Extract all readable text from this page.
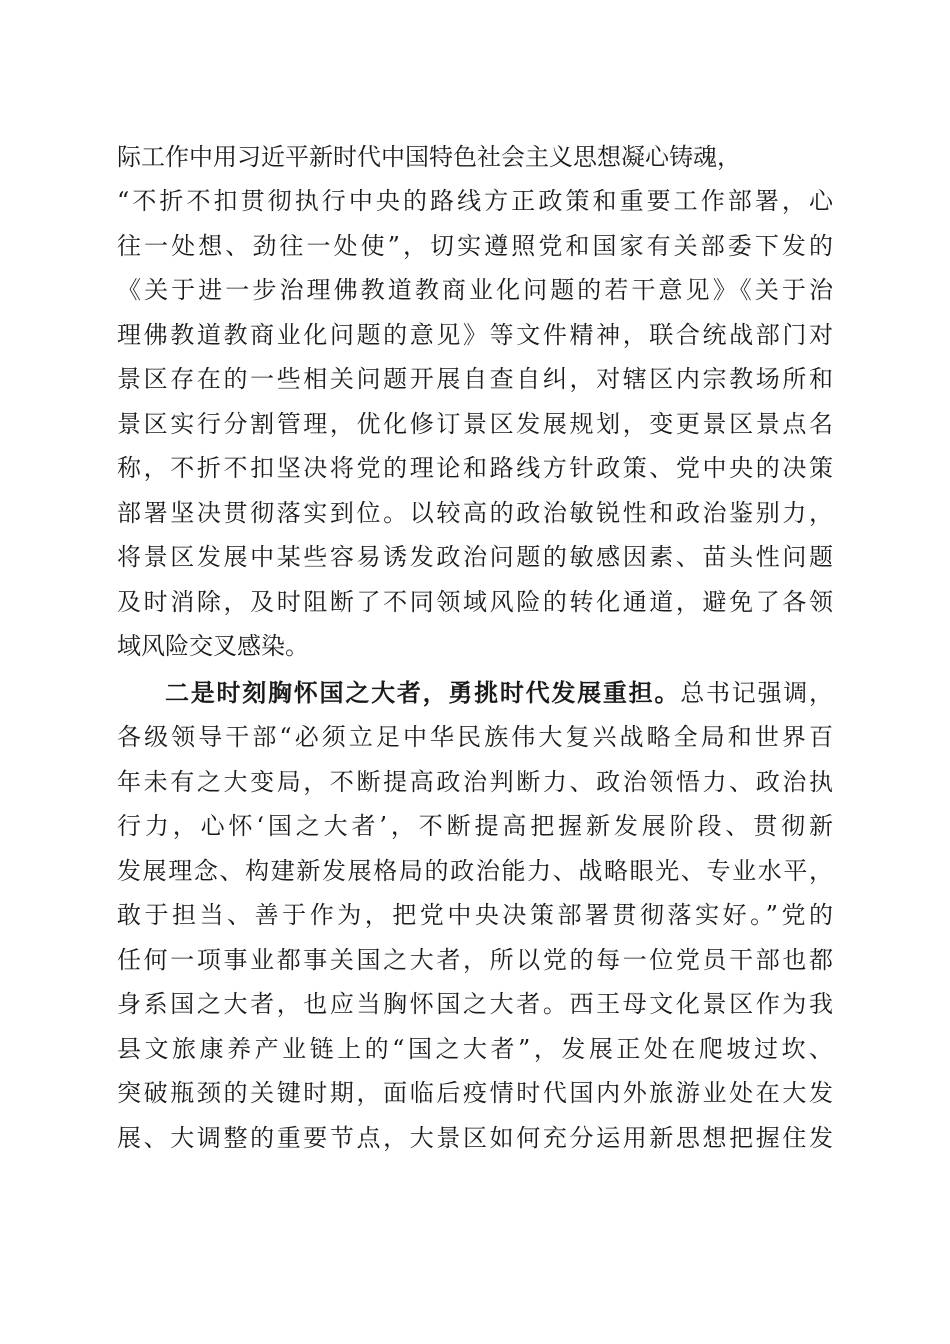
际工作中用习近平新时代中国特色社会主义思想凝心铸魂，
“不折不扣贯彻执行中央的路线方正政策和重要工作部署，心
往一处想、劲往一处使”，切实遵照党和国家有关部委下发的
《关于进一步治理佛教道教商业化问题的若干意见》《关于治
理佛教道教商业化问题的意见》等文件精神，联合统战部门对
景区存在的一些相关问题开展自查自纠，对辖区内宗教场所和
景区实行分割管理，优化修订景区发展规划，变更景区景点名
称，不折不扣坚决将党的理论和路线方针政策、党中央的决策
部署坚决贯彻落实到位。以较高的政治敏锐性和政治鉴别力，
将景区发展中某些容易诱发政治问题的敏感因素、苗头性问题
及时消除，及时阻断了不同领域风险的转化通道，避免了各领
域风险交叉感染。
二是时刻胸怀国之大者，勇挑时代发展重担。总书记强调，
各级领导干部“必须立足中华民族伟大复兴战略全局和世界百
年未有之大变局，不断提高政治判断力、政治领悟力、政治执
行力，心怀‘国之大者’，不断提高把握新发展阶段、贯彻新
发展理念、构建新发展格局的政治能力、战略眼光、专业水平，
敢于担当、善于作为，把党中央决策部署贯彻落实好。”党的
任何一项事业都事关国之大者，所以党的每一位党员干部也都
身系国之大者，也应当胸怀国之大者。西王母文化景区作为我
县文旅康养产业链上的“国之大者”，发展正处在爬坡过坎、
突破瓶颈的关键时期，面临后疫情时代国内外旅游业处在大发
展、大调整的重要节点，大景区如何充分运用新思想把握住发
